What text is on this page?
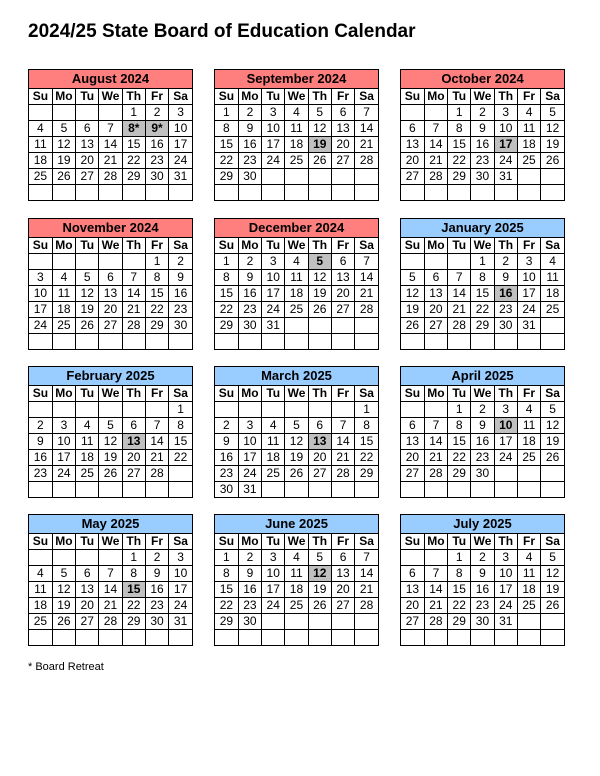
2024/25 State Board of Education Calendar
August 2024
Su	Mo	Tu	We	Th	Fr	Sa
				1	2	3
4	5	6	7	8*	9*	10
11	12	13	14	15	16	17
18	19	20	21	22	23	24
25	26	27	28	29	30	31

September 2024
Su	Mo	Tu	We	Th	Fr	Sa
1	2	3	4	5	6	7
8	9	10	11	12	13	14
15	16	17	18	19	20	21
22	23	24	25	26	27	28
29	30					

October 2024
Su	Mo	Tu	We	Th	Fr	Sa
		1	2	3	4	5
6	7	8	9	10	11	12
13	14	15	16	17	18	19
20	21	22	23	24	25	26
27	28	29	30	31		

November 2024
Su	Mo	Tu	We	Th	Fr	Sa
					1	2
3	4	5	6	7	8	9
10	11	12	13	14	15	16
17	18	19	20	21	22	23
24	25	26	27	28	29	30

December 2024
Su	Mo	Tu	We	Th	Fr	Sa
1	2	3	4	5	6	7
8	9	10	11	12	13	14
15	16	17	18	19	20	21
22	23	24	25	26	27	28
29	30	31				

January 2025
Su	Mo	Tu	We	Th	Fr	Sa
			1	2	3	4
5	6	7	8	9	10	11
12	13	14	15	16	17	18
19	20	21	22	23	24	25
26	27	28	29	30	31	

February 2025
Su	Mo	Tu	We	Th	Fr	Sa
						1
2	3	4	5	6	7	8
9	10	11	12	13	14	15
16	17	18	19	20	21	22
23	24	25	26	27	28	

March 2025
Su	Mo	Tu	We	Th	Fr	Sa
						1
2	3	4	5	6	7	8
9	10	11	12	13	14	15
16	17	18	19	20	21	22
23	24	25	26	27	28	29
30	31					
April 2025
Su	Mo	Tu	We	Th	Fr	Sa
		1	2	3	4	5
6	7	8	9	10	11	12
13	14	15	16	17	18	19
20	21	22	23	24	25	26
27	28	29	30			

May 2025
Su	Mo	Tu	We	Th	Fr	Sa
				1	2	3
4	5	6	7	8	9	10
11	12	13	14	15	16	17
18	19	20	21	22	23	24
25	26	27	28	29	30	31

June 2025
Su	Mo	Tu	We	Th	Fr	Sa
1	2	3	4	5	6	7
8	9	10	11	12	13	14
15	16	17	18	19	20	21
22	23	24	25	26	27	28
29	30					

July 2025
Su	Mo	Tu	We	Th	Fr	Sa
		1	2	3	4	5
6	7	8	9	10	11	12
13	14	15	16	17	18	19
20	21	22	23	24	25	26
27	28	29	30	31		

* Board Retreat
